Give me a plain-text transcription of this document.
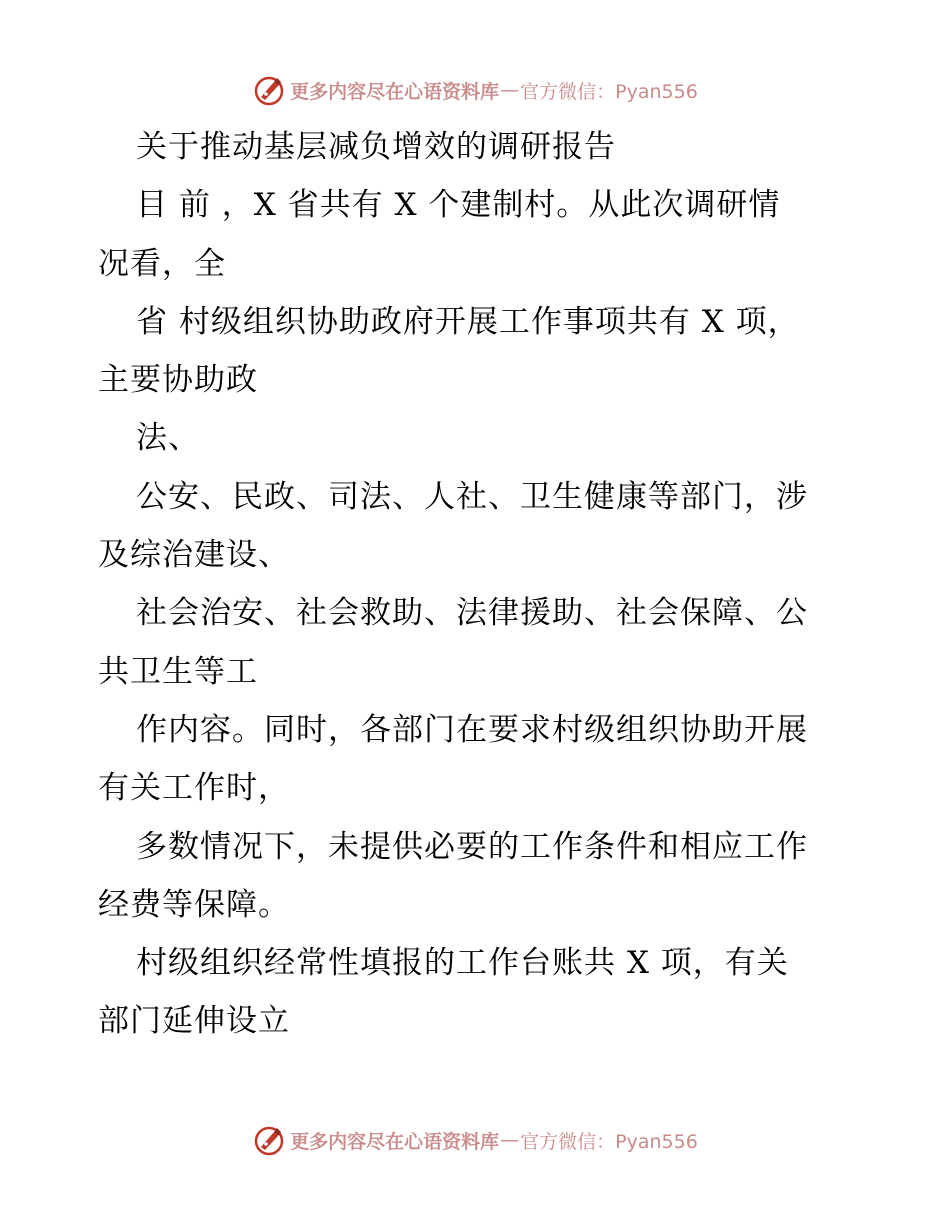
更多内容尽在心语资料库 — 官方微信：Pyan556
关于推动基层减负增效的调研报告
目 前 ，X 省共有 X 个建制村。从此次调研情
况看，全
省 村级组织协助政府开展工作事项共有 X 项，
主要协助政
法、
公安、民政、司法、人社、卫生健康等部门，涉
及综治建设、
社会治安、社会救助、法律援助、社会保障、公
共卫生等工
作内容。同时，各部门在要求村级组织协助开展
有关工作时，
多数情况下，未提供必要的工作条件和相应工作
经费等保障。
村级组织经常性填报的工作台账共 X 项，有关
部门延伸设立
更多内容尽在心语资料库 — 官方微信：Pyan556
